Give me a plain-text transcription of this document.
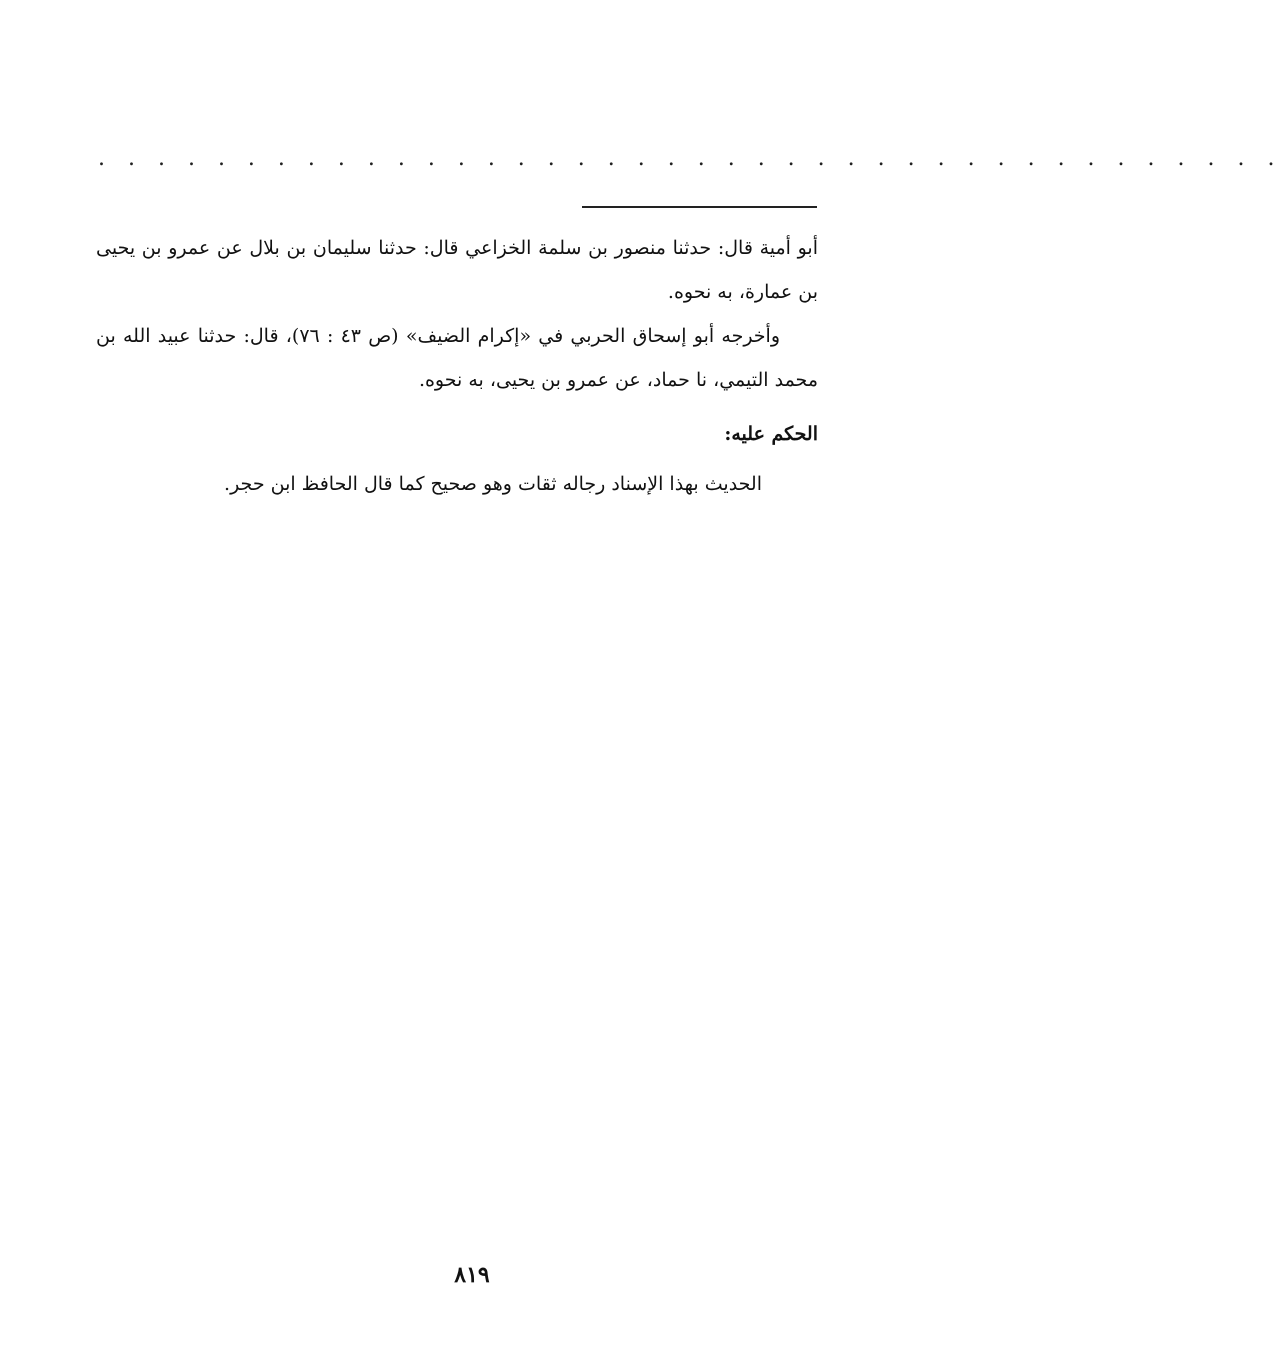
. . . . . . . . . . . . . . . . . . . . . . . . . . . . . . . . . . . . . . . .

أبو أمية قال: حدثنا منصور بن سلمة الخزاعي قال: حدثنا سليمان بن بلال عن عمرو بن يحيى بن عمارة، به نحوه.

وأخرجه أبو إسحاق الحربي في «إكرام الضيف» (ص ٤٣ : ٧٦)، قال: حدثنا عبيد الله بن محمد التيمي، نا حماد، عن عمرو بن يحيى، به نحوه.

الحكم عليه:

الحديث بهذا الإسناد رجاله ثقات وهو صحيح كما قال الحافظ ابن حجر.

٨١٩
